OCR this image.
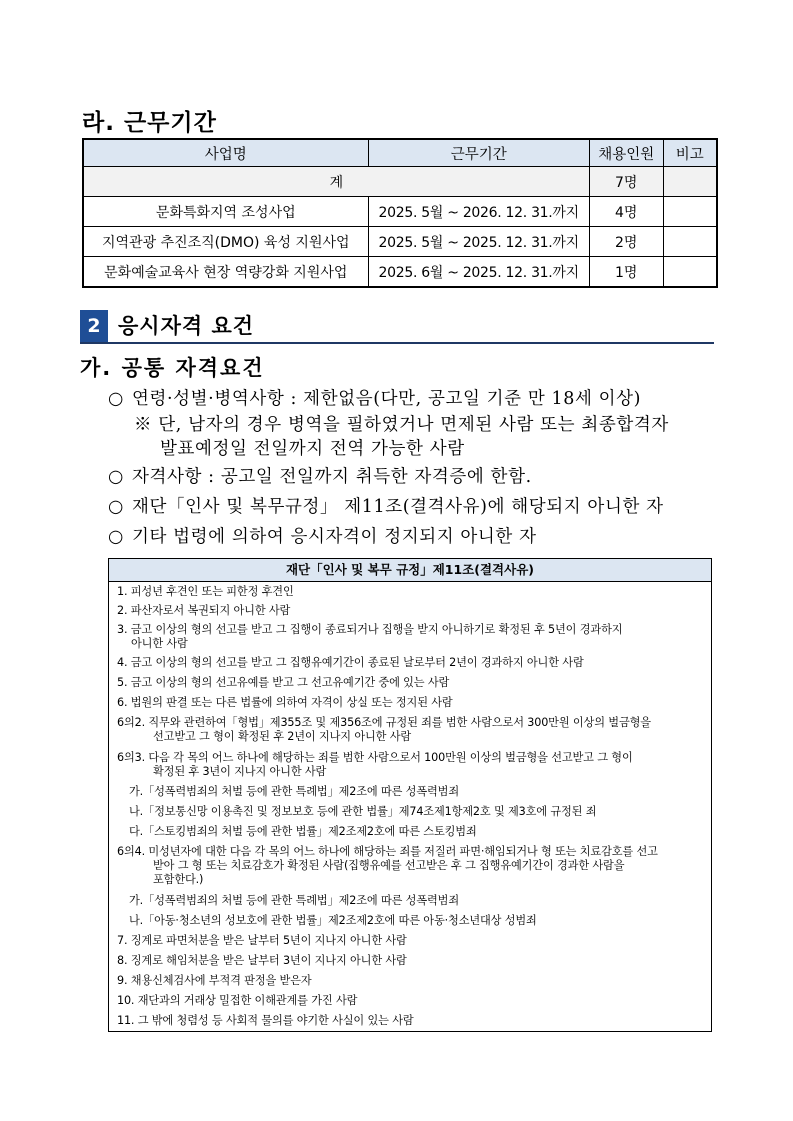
라. 근무기간
사업명	근무기간	채용인원	비고
계		7명	
문화특화지역 조성사업	2025. 5월 ~ 2026. 12. 31.까지	4명	
지역관광 추진조직(DMO) 육성 지원사업	2025. 5월 ~ 2025. 12. 31.까지	2명	
문화예술교육사 현장 역량강화 지원사업	2025. 6월 ~ 2025. 12. 31.까지	1명	
2 응시자격 요건
가. 공통 자격요건
○ 연령·성별·병역사항 : 제한없음(다만, 공고일 기준 만 18세 이상)
※ 단, 남자의 경우 병역을 필하였거나 면제된 사람 또는 최종합격자
발표예정일 전일까지 전역 가능한 사람
○ 자격사항 : 공고일 전일까지 취득한 자격증에 한함.
○ 재단「인사 및 복무규정」 제11조(결격사유)에 해당되지 아니한 자
○ 기타 법령에 의하여 응시자격이 정지되지 아니한 자
재단「인사 및 복무 규정」제11조(결격사유)
1. 피성년 후견인 또는 피한정 후견인
2. 파산자로서 복권되지 아니한 사람
3. 금고 이상의 형의 선고를 받고 그 집행이 종료되거나 집행을 받지 아니하기로 확정된 후 5년이 경과하지
아니한 사람
4. 금고 이상의 형의 선고를 받고 그 집행유예기간이 종료된 날로부터 2년이 경과하지 아니한 사람
5. 금고 이상의 형의 선고유예를 받고 그 선고유예기간 중에 있는 사람
6. 법원의 판결 또는 다른 법률에 의하여 자격이 상실 또는 정지된 사람
6의2. 직무와 관련하여「형법」제355조 및 제356조에 규정된 죄를 범한 사람으로서 300만원 이상의 벌금형을
선고받고 그 형이 확정된 후 2년이 지나지 아니한 사람
6의3. 다음 각 목의 어느 하나에 해당하는 죄를 범한 사람으로서 100만원 이상의 벌금형을 선고받고 그 형이
확정된 후 3년이 지나지 아니한 사람
가.「성폭력범죄의 처벌 등에 관한 특례법」제2조에 따른 성폭력범죄
나.「정보통신망 이용촉진 및 정보보호 등에 관한 법률」제74조제1항제2호 및 제3호에 규정된 죄
다.「스토킹범죄의 처벌 등에 관한 법률」제2조제2호에 따른 스토킹범죄
6의4. 미성년자에 대한 다음 각 목의 어느 하나에 해당하는 죄를 저질러 파면·해임되거나 형 또는 치료감호를 선고
받아 그 형 또는 치료감호가 확정된 사람(집행유예를 선고받은 후 그 집행유예기간이 경과한 사람을
포함한다.)
가.「성폭력범죄의 처벌 등에 관한 특례법」제2조에 따른 성폭력범죄
나.「아동·청소년의 성보호에 관한 법률」제2조제2호에 따른 아동·청소년대상 성범죄
7. 징계로 파면처분을 받은 날부터 5년이 지나지 아니한 사람
8. 징계로 해임처분을 받은 날부터 3년이 지나지 아니한 사람
9. 채용신체검사에 부적격 판정을 받은자
10. 재단과의 거래상 밀접한 이해관계를 가진 사람
11. 그 밖에 청렴성 등 사회적 물의를 야기한 사실이 있는 사람
